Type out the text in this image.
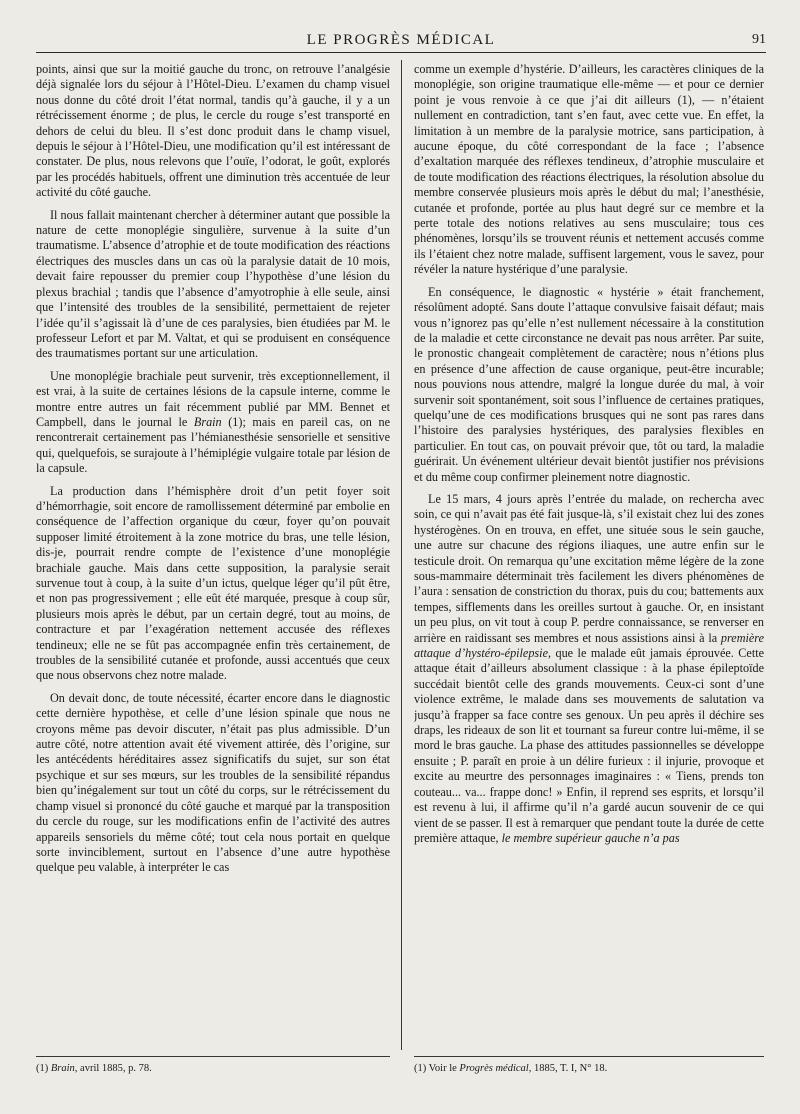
LE PROGRÈS MÉDICAL	91

points, ainsi que sur la moitié gauche du tronc, on retrouve l’analgésie déjà signalée lors du séjour à l’Hôtel-Dieu. L’examen du champ visuel nous donne du côté droit l’état normal, tandis qu’à gauche, il y a un rétrécissement énorme ; de plus, le cercle du rouge s’est transporté en dehors de celui du bleu. Il s’est donc produit dans le champ visuel, depuis le séjour à l’Hôtel-Dieu, une modification qu’il est intéressant de constater. De plus, nous relevons que l’ouïe, l’odorat, le goût, explorés par les procédés habituels, offrent une diminution très accentuée de leur activité du côté gauche.

Il nous fallait maintenant chercher à déterminer autant que possible la nature de cette monoplégie singulière, survenue à la suite d’un traumatisme. L’absence d’atrophie et de toute modification des réactions électriques des muscles dans un cas où la paralysie datait de 10 mois, devait faire repousser du premier coup l’hypothèse d’une lésion du plexus brachial ; tandis que l’absence d’amyotrophie à elle seule, ainsi que l’intensité des troubles de la sensibilité, permettaient de rejeter l’idée qu’il s’agissait là d’une de ces paralysies, bien étudiées par M. le professeur Lefort et par M. Valtat, et qui se produisent en conséquence des traumatismes portant sur une articulation.

Une monoplégie brachiale peut survenir, très exceptionnellement, il est vrai, à la suite de certaines lésions de la capsule interne, comme le montre entre autres un fait récemment publié par MM. Bennet et Campbell, dans le journal le Brain (1); mais en pareil cas, on ne rencontrerait certainement pas l’hémianesthésie sensorielle et sensitive qui, quelquefois, se surajoute à l’hémiplégie vulgaire totale par lésion de la capsule.

La production dans l’hémisphère droit d’un petit foyer soit d’hémorrhagie, soit encore de ramollissement déterminé par embolie en conséquence de l’affection organique du cœur, foyer qu’on pouvait supposer limité étroitement à la zone motrice du bras, une telle lésion, dis-je, pourrait rendre compte de l’existence d’une monoplégie brachiale gauche. Mais dans cette supposition, la paralysie serait survenue tout à coup, à la suite d’un ictus, quelque léger qu’il pût être, et non pas progressivement ; elle eût été marquée, presque à coup sûr, plusieurs mois après le début, par un certain degré, tout au moins, de contracture et par l’exagération nettement accusée des réflexes tendineux; elle ne se fût pas accompagnée enfin très certainement, de troubles de la sensibilité cutanée et profonde, aussi accentués que ceux que nous observons chez notre malade.

On devait donc, de toute nécessité, écarter encore dans le diagnostic cette dernière hypothèse, et celle d’une lésion spinale que nous ne croyons même pas devoir discuter, n’était pas plus admissible. D’un autre côté, notre attention avait été vivement attirée, dès l’origine, sur les antécédents héréditaires assez significatifs du sujet, sur son état psychique et sur ses mœurs, sur les troubles de la sensibilité répandus bien qu’inégalement sur tout un côté du corps, sur le rétrécissement du champ visuel si prononcé du côté gauche et marqué par la transposition du cercle du rouge, sur les modifications enfin de l’activité des autres appareils sensoriels du même côté; tout cela nous portait en quelque sorte invinciblement, surtout en l’absence d’une autre hypothèse quelque peu valable, à interpréter le cas

comme un exemple d’hystérie. D’ailleurs, les caractères cliniques de la monoplégie, son origine traumatique elle-même — et pour ce dernier point je vous renvoie à ce que j’ai dit ailleurs (1), — n’étaient nullement en contradiction, tant s’en faut, avec cette vue. En effet, la limitation à un membre de la paralysie motrice, sans participation, à aucune époque, du côté correspondant de la face ; l’absence d’exaltation marquée des réflexes tendineux, d’atrophie musculaire et de toute modification des réactions électriques, la résolution absolue du membre conservée plusieurs mois après le début du mal; l’anesthésie, cutanée et profonde, portée au plus haut degré sur ce membre et la perte totale des notions relatives au sens musculaire; tous ces phénomènes, lorsqu’ils se trouvent réunis et nettement accusés comme ils l’étaient chez notre malade, suffisent largement, vous le savez, pour révéler la nature hystérique d’une paralysie.

En conséquence, le diagnostic « hystérie » était franchement, résolûment adopté. Sans doute l’attaque convulsive faisait défaut; mais vous n’ignorez pas qu’elle n’est nullement nécessaire à la constitution de la maladie et cette circonstance ne devait pas nous arrêter. Par suite, le pronostic changeait complètement de caractère; nous n’étions plus en présence d’une affection de cause organique, peut-être incurable; nous pouvions nous attendre, malgré la longue durée du mal, à voir survenir soit spontanément, soit sous l’influence de certaines pratiques, quelqu’une de ces modifications brusques qui ne sont pas rares dans l’histoire des paralysies hystériques, des paralysies flexibles en particulier. En tout cas, on pouvait prévoir que, tôt ou tard, la maladie guérirait. Un événement ultérieur devait bientôt justifier nos prévisions et du même coup confirmer pleinement notre diagnostic.

Le 15 mars, 4 jours après l’entrée du malade, on rechercha avec soin, ce qui n’avait pas été fait jusque-là, s’il existait chez lui des zones hystérogènes. On en trouva, en effet, une située sous le sein gauche, une autre sur chacune des régions iliaques, une autre enfin sur le testicule droit. On remarqua qu’une excitation même légère de la zone sous-mammaire déterminait très facilement les divers phénomènes de l’aura : sensation de constriction du thorax, puis du cou; battements aux tempes, sifflements dans les oreilles surtout à gauche. Or, en insistant un peu plus, on vit tout à coup P. perdre connaissance, se renverser en arrière en raidissant ses membres et nous assistions ainsi à la première attaque d’hystéro-épilepsie, que le malade eût jamais éprouvée. Cette attaque était d’ailleurs absolument classique : à la phase épileptoïde succédait bientôt celle des grands mouvements. Ceux-ci sont d’une violence extrême, le malade dans ses mouvements de salutation va jusqu’à frapper sa face contre ses genoux. Un peu après il déchire ses draps, les rideaux de son lit et tournant sa fureur contre lui-même, il se mord le bras gauche. La phase des attitudes passionnelles se développe ensuite ; P. paraît en proie à un délire furieux : il injurie, provoque et excite au meurtre des personnages imaginaires : « Tiens, prends ton couteau... va... frappe donc! » Enfin, il reprend ses esprits, et lorsqu’il est revenu à lui, il affirme qu’il n’a gardé aucun souvenir de ce qui vient de se passer. Il est à remarquer que pendant toute la durée de cette première attaque, le membre supérieur gauche n’a pas

(1) Brain, avril 1885, p. 78.	(1) Voir le Progrès médical, 1885, T. I, N° 18.
